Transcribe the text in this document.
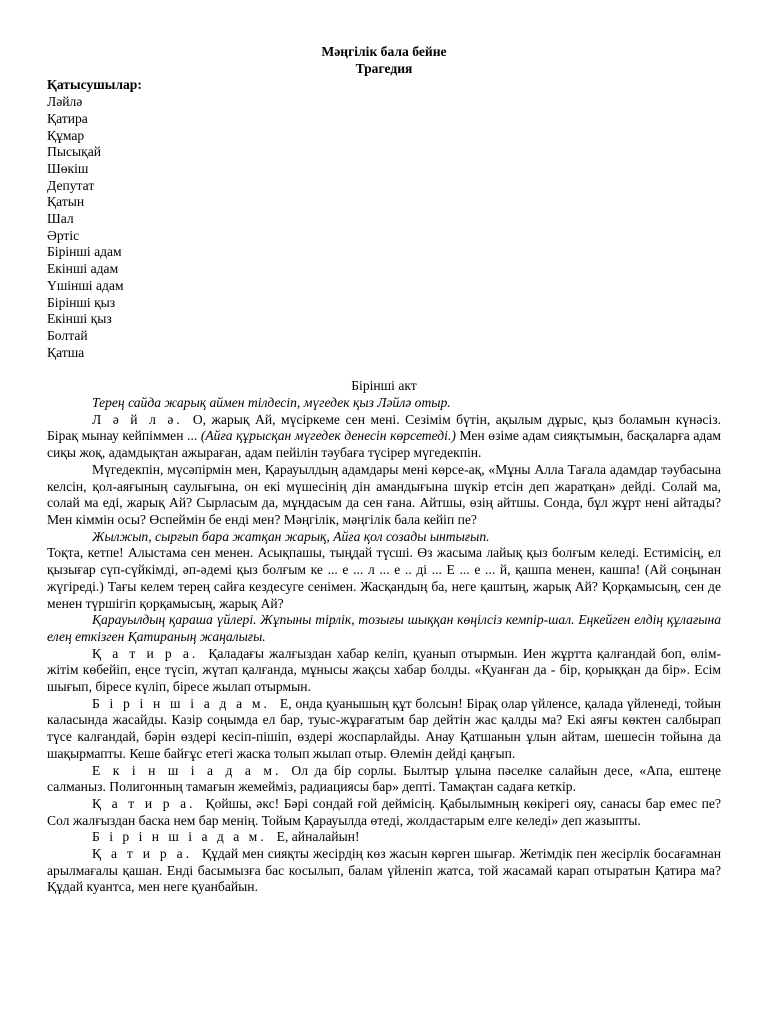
Мәңгілік бала бейне
Трагедия
Қатысушылар:
Ләйлә
Қатира
Құмар
Пысықай
Шөкіш
Депутат
Қатын
Шал
Әртіс
Бірінші адам
Екінші адам
Үшінші адам
Бірінші қыз
Екінші қыз
Болтай
Қатша
Бірінші акт
Терең сайда жарық аймен тілдесіп, мүгедек қыз Ләйлә отыр.
Л ә й л ә. О, жарық Ай, мүсіркеме сен мені. Сезімім бүтін, ақылым дұрыс, қыз боламын күнәсіз. Бірақ мынау кейпіммен ... (Айға құрысқан мүгедек денесін көрсетеді.) Мен өзіме адам сияқтымын, басқаларға адам сиқы жоқ, адамдықтан ажыраған, адам пейілін тәубаға түсірер мүгедекпін.
Мүгедекпін, мүсәпірмін мен, Қарауылдың адамдары мені көрсе-ақ, «Мұны Алла Тағала адамдар тәубасына келсін, қол-аяғының саулығына, он екі мүшесінің дін амандығына шүкір етсін деп жаратқан» дейді. Солай ма, солай ма еді, жарық Ай? Сырласым да, мұңдасым да сен ғана. Айтшы, өзің айтшы. Сонда, бұл жұрт нені айтады? Мен кіммін осы? Өспеймін бе енді мен? Мәңгілік, мәңгілік бала кейіп пе?
Жылжып, сырғып бара жатқан жарық, Айға қол созады ынтығып.
Тоқта, кетпе! Алыстама сен менен. Асықпашы, тыңдай түсші. Өз жасыма лайық қыз болғым келеді. Естимісің, ел қызығар сүп-сүйкімді, әп-әдемі қыз болғым ке ... е ... л ... е .. ді ... Е ... е ... й, қашпа менен, кашпа! (Ай соңынан жүгіреді.) Тағы келем терең сайға кездесуге сенімен. Жасқандың ба, неге қаштың, жарық Ай? Қорқамысың, сен де менен түршігіп қорқамысың, жарық Ай?
Қарауылдың қараша үйлері. Жұпыны тірлік, тозығы шыққан көңілсіз кемпір-шал. Еңкейген елдің құлағына елең еткізген Қатираның жаңалығы.
Қ а т и р а. Қаладағы жалғыздан хабар келіп, қуанып отырмын. Иен жұртта қалғандай боп, өлім-жітім көбейіп, еңсе түсіп, жүтап қалғанда, мұнысы жақсы хабар болды. «Қуанған да - бір, қорыққан да бір». Есім шығып, біресе күліп, біресе жылап отырмын.
Б і р і н ш і а д а м. Е, онда қуанышың құт болсын! Бірақ олар үйленсе, қалада үйленеді, тойын каласында жасайды. Казір соңымда ел бар, туыс-жұрағатым бар дейтін жас қалды ма? Екі аяғы көктен салбырап түсе калғандай, бәрін өздері кесіп-пішіп, өздері жоспарлайды. Анау Қатшанын ұлын айтам, шешесін тойына да шақырмапты. Кеше байғұс етегі жаска толып жылап отыр. Өлемін дейді қаңғып.
Е к і н ш і а д а м. Ол да бір сорлы. Былтыр ұлына пәселке салайын десе, «Апа, ештеңе салманыз. Полигонның тамағын жемейміз, радиациясы бар» депті. Тамақтан садаға кеткір.
Қ а т и р а. Қойшы, әкс! Бәрі сондай ғой деймісің. Қабылымның көкірегі ояу, санасы бар емес пе? Сол жалғыздан баска нем бар менің. Тойым Қарауылда өтеді, жолдастарым елге келеді» деп жазыпты.
Б і р і н ш і а д а м. Е, айналайын!
Қ а т и р а. Құдай мен сияқты жесірдің көз жасын көрген шығар. Жетімдік пен жесірлік босағамнан арылмағалы қашан. Енді басымызға бас косылып, балам үйленіп жатса, той жасамай карап отыратын Қатира ма? Құдай куантса, мен неге қуанбайын.
